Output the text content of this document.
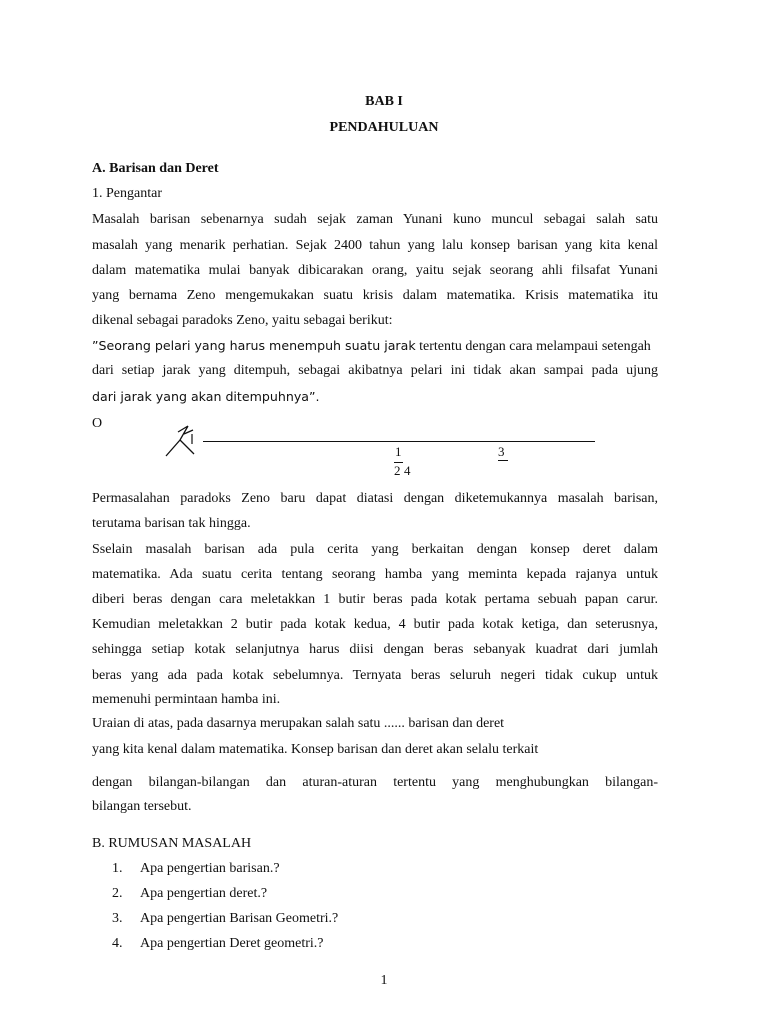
BAB I
PENDAHULUAN
A. Barisan dan Deret
1. Pengantar
Masalah barisan sebenarnya sudah sejak zaman Yunani kuno muncul sebagai salah satu
masalah yang menarik perhatian. Sejak 2400 tahun yang lalu konsep barisan yang kita kenal
dalam matematika mulai banyak dibicarakan orang, yaitu sejak seorang ahli filsafat Yunani
yang bernama Zeno mengemukakan suatu krisis dalam matematika. Krisis matematika itu
dikenal sebagai paradoks Zeno, yaitu sebagai berikut:
”Seorang pelari yang harus menempuh suatu jarak tertentu dengan cara melampaui setengah
dari setiap jarak yang ditempuh, sebagai akibatnya pelari ini tidak akan sampai pada ujung
dari jarak yang akan ditempuhnya”.
O
1
2 4
3
Permasalahan paradoks Zeno baru dapat diatasi dengan diketemukannya masalah barisan,
terutama barisan tak hingga.
Sselain masalah barisan ada pula cerita yang berkaitan dengan konsep deret dalam
matematika. Ada suatu cerita tentang seorang hamba yang meminta kepada rajanya untuk
diberi beras dengan cara meletakkan 1 butir beras pada kotak pertama sebuah papan carur.
Kemudian meletakkan 2 butir pada kotak kedua, 4 butir pada kotak ketiga, dan seterusnya,
sehingga setiap kotak selanjutnya harus diisi dengan beras sebanyak kuadrat dari jumlah
beras yang ada pada kotak sebelumnya. Ternyata beras seluruh negeri tidak cukup untuk
memenuhi permintaan hamba ini.
Uraian di atas, pada dasarnya merupakan salah satu ...... barisan dan deret
yang kita kenal dalam matematika. Konsep barisan dan deret akan selalu terkait
dengan bilangan-bilangan dan aturan-aturan tertentu yang menghubungkan bilangan-
bilangan tersebut.
B. RUMUSAN MASALAH
1. Apa pengertian barisan.?
2. Apa pengertian deret.?
3. Apa pengertian Barisan Geometri.?
4. Apa pengertian Deret geometri.?
1
